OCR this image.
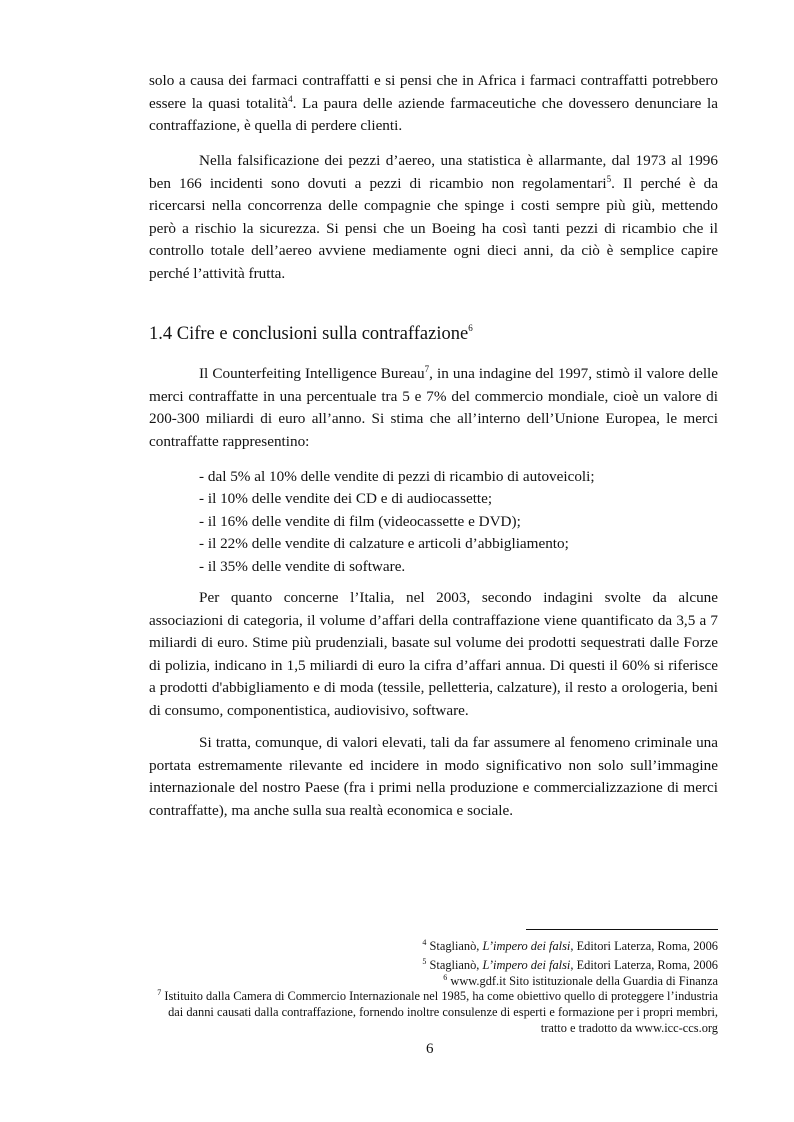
solo a causa dei farmaci contraffatti e si pensi che in Africa i farmaci contraffatti potrebbero essere la quasi totalità$^4$. La paura delle aziende farmaceutiche che dovessero denunciare la contraffazione, è quella di perdere clienti.

Nella falsificazione dei pezzi d’aereo, una statistica è allarmante, dal 1973 al 1996 ben 166 incidenti sono dovuti a pezzi di ricambio non regolamentari$^5$. Il perché è da ricercarsi nella concorrenza delle compagnie che spinge i costi sempre più giù, mettendo però a rischio la sicurezza. Si pensi che un Boeing ha così tanti pezzi di ricambio che il controllo totale dell’aereo avviene mediamente ogni dieci anni, da ciò è semplice capire perché l’attività frutta.

1.4 Cifre e conclusioni sulla contraffazione$^6$

Il Counterfeiting Intelligence Bureau$^7$, in una indagine del 1997, stimò il valore delle merci contraffatte in una percentuale tra 5 e 7% del commercio mondiale, cioè un valore di 200-300 miliardi di euro all’anno. Si stima che all’interno dell’Unione Europea, le merci contraffatte rappresentino:

- dal 5% al 10% delle vendite di pezzi di ricambio di autoveicoli;
- il 10% delle vendite dei CD e di audiocassette;
- il 16% delle vendite di film (videocassette e DVD);
- il 22% delle vendite di calzature e articoli d’abbigliamento;
- il 35% delle vendite di software.

Per quanto concerne l’Italia, nel 2003, secondo indagini svolte da alcune associazioni di categoria, il volume d’affari della contraffazione viene quantificato da 3,5 a 7 miliardi di euro. Stime più prudenziali, basate sul volume dei prodotti sequestrati dalle Forze di polizia, indicano in 1,5 miliardi di euro la cifra d’affari annua. Di questi il 60% si riferisce a prodotti d'abbigliamento e di moda (tessile, pelletteria, calzature), il resto a orologeria, beni di consumo, componentistica, audiovisivo, software.

Si tratta, comunque, di valori elevati, tali da far assumere al fenomeno criminale una portata estremamente rilevante ed incidere in modo significativo non solo sull’immagine internazionale del nostro Paese (fra i primi nella produzione e commercializzazione di merci contraffatte), ma anche sulla sua realtà economica e sociale.

$^4$ Staglianò, L’impero dei falsi, Editori Laterza, Roma, 2006

$^5$ Staglianò, L’impero dei falsi, Editori Laterza, Roma, 2006

$^6$ www.gdf.it Sito istituzionale della Guardia di Finanza

$^7$ Istituito dalla Camera di Commercio Internazionale nel 1985, ha come obiettivo quello di proteggere l’industria dai danni causati dalla contraffazione, fornendo inoltre consulenze di esperti e formazione per i propri membri, tratto e tradotto da www.icc-ccs.org

6
